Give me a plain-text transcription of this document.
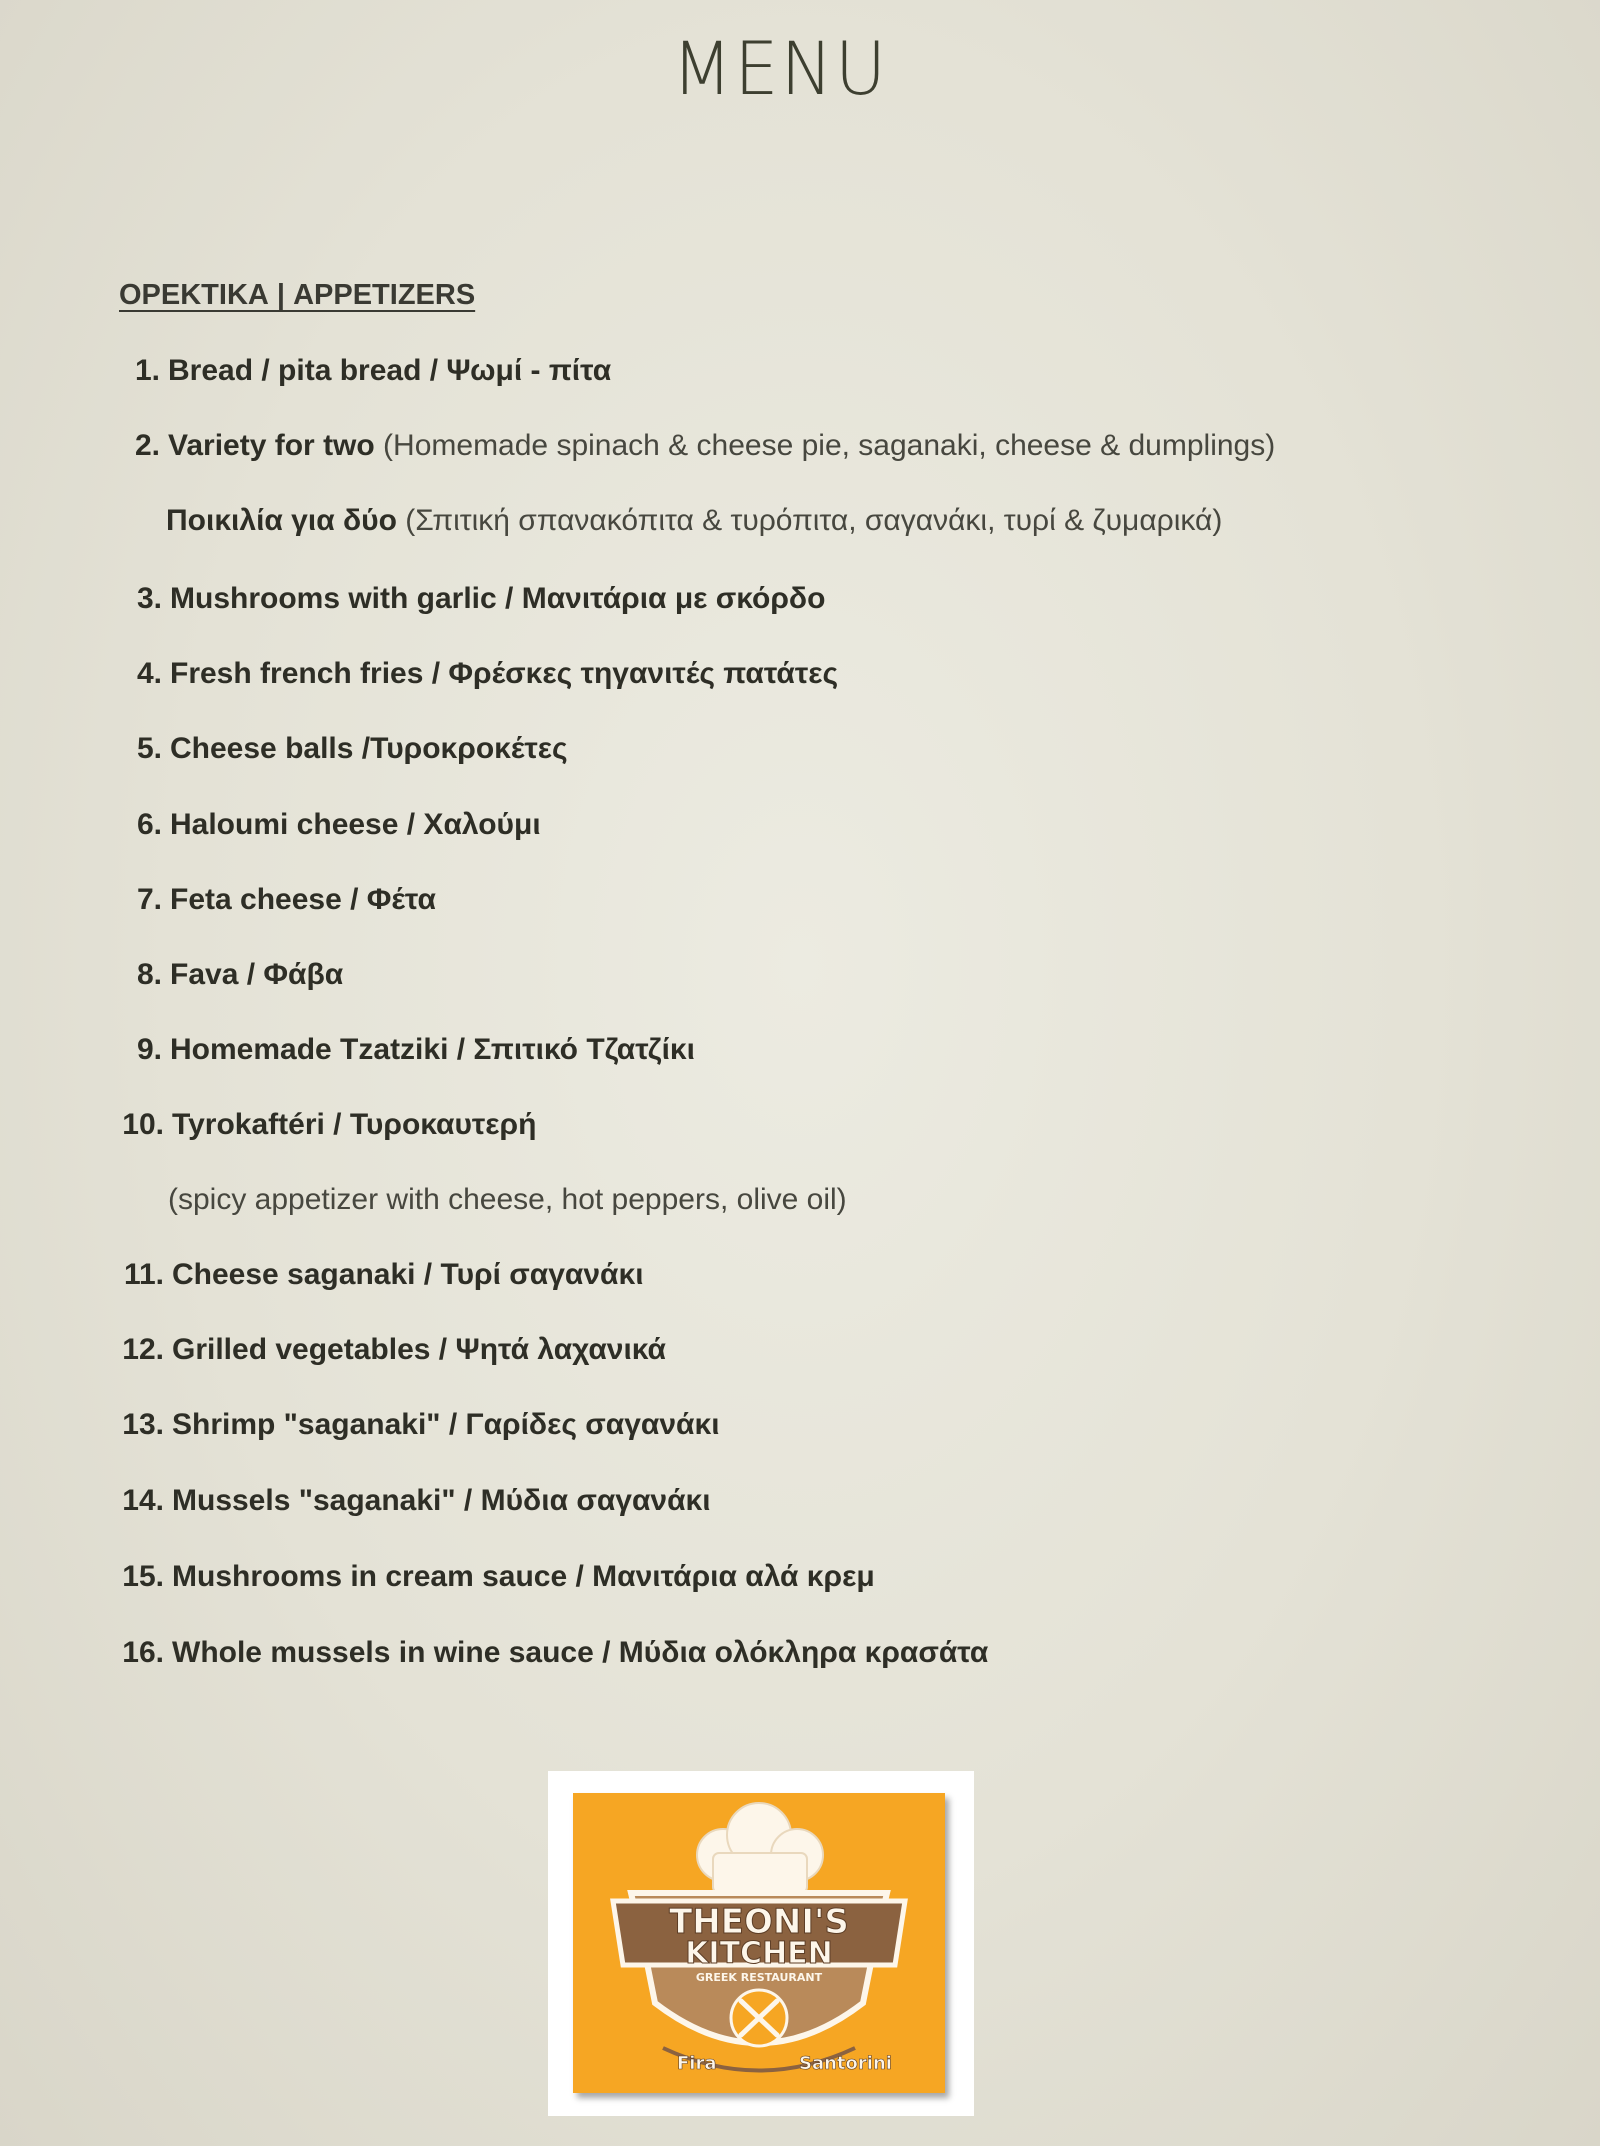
MENU
ΟΡΕΚΤΙΚΑ | APPETIZERS
1. Bread / pita bread / Ψωμί - πίτα
2. Variety for two (Homemade spinach & cheese pie, saganaki, cheese & dumplings)
Ποικιλία για δύο (Σπιτική σπανακόπιτα & τυρόπιτα, σαγανάκι, τυρί & ζυμαρικά)
3. Mushrooms with garlic / Μανιτάρια με σκόρδο
4. Fresh french fries / Φρέσκες τηγανιτές πατάτες
5. Cheese balls /Τυροκροκέτες
6. Haloumi cheese / Χαλούμι
7. Feta cheese / Φέτα
8. Fava / Φάβα
9. Homemade Tzatziki / Σπιτικό Τζατζίκι
10. Tyrokaftéri / Τυροκαυτερή
(spicy appetizer with cheese, hot peppers, olive oil)
11. Cheese saganaki / Τυρί σαγανάκι
12. Grilled vegetables / Ψητά λαχανικά
13. Shrimp "saganaki" / Γαρίδες σαγανάκι
14. Mussels "saganaki" / Μύδια σαγανάκι
15. Mushrooms in cream sauce / Μανιτάρια αλά κρεμ
16. Whole mussels in wine sauce / Μύδια ολόκληρα κρασάτα
THEONI'S
KITCHEN
GREEK RESTAURANT
Fira	Santorini
